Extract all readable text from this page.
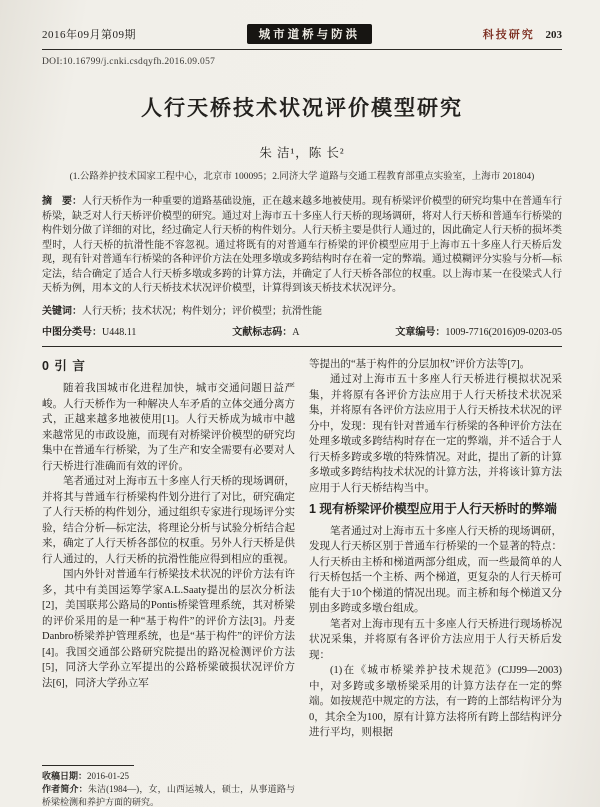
2016年09月第09期	城市道桥与防洪	科技研究 203
DOI:10.16799/j.cnki.csdqyfh.2016.09.057
人行天桥技术状况评价模型研究
朱 洁¹，陈 长²
(1.公路养护技术国家工程中心，北京市 100095；2.同济大学 道路与交通工程教育部重点实验室，上海市 201804)

摘　要：人行天桥作为一种重要的道路基础设施，正在越来越多地被使用。现有桥梁评价模型的研究均集中在普通车行桥梁，缺乏对人行天桥评价模型的研究。通过对上海市五十多座人行天桥的现场调研，将对人行天桥和普通车行桥梁的构件划分做了详细的对比，经过确定人行天桥的构件划分。人行天桥主要是供行人通过的，因此确定人行天桥的损坏类型时，人行天桥的抗滑性能不容忽视。通过将既有的对普通车行桥梁的评价模型应用于上海市五十多座人行天桥后发现，现有针对普通车行桥梁的各种评价方法在处理多墩或多跨结构时存在着一定的弊端。通过模糊评分实验与分析—标定法，结合确定了适合人行天桥多墩或多跨的计算方法，并确定了人行天桥各部位的权重。以上海市某一在役梁式人行天桥为例，用本文的人行天桥技术状况评价模型，计算得到该天桥技术状况评分。

关键词：人行天桥；技术状况；构件划分；评价模型；抗滑性能

中图分类号：U448.11	文献标志码：A	文章编号：1009-7716(2016)09-0203-05
0 引 言

随着我国城市化进程加快，城市交通问题日益严峻。人行天桥作为一种解决人车矛盾的立体交通分离方式，正越来越多地被使用[1]。人行天桥成为城市中越来越常见的市政设施，而现有对桥梁评价模型的研究均集中在普通车行桥梁，为了生产和安全需要有必要对人行天桥进行准确而有效的评价。

笔者通过对上海市五十多座人行天桥的现场调研，并将其与普通车行桥梁构件划分进行了对比，研究确定了人行天桥的构件划分，通过组织专家进行现场评分实验，结合分析—标定法，将理论分析与试验分析结合起来，确定了人行天桥各部位的权重。另外人行天桥是供行人通过的，人行天桥的抗滑性能应得到相应的重视。

国内外针对普通车行桥梁技术状况的评价方法有许多，其中有美国运筹学家A.L.Saaty提出的层次分析法[2]，美国联邦公路局的Pontis桥梁管理系统，其对桥梁的评价采用的是一种“基于构件”的评价方法[3]。丹麦Danbro桥梁养护管理系统，也是“基于构件”的评价方法[4]。我国交通部公路研究院提出的路况检测评价方法[5]，同济大学孙立军提出的公路桥梁破损状况评价方法[6]，同济大学孙立军

收稿日期：2016-01-25

作者简介：朱洁(1984—)，女，山西运城人，硕士，从事道路与桥梁检测和养护方面的研究。

等提出的“基于构件的分层加权”评价方法等[7]。

通过对上海市五十多座人行天桥进行模拟状况采集，并将原有各评价方法应用于人行天桥技术状况采集，并将原有各评价方法应用于人行天桥技术状况的评分中，发现：现有针对普通车行桥梁的各种评价方法在处理多墩或多跨结构时存在一定的弊端，并不适合于人行天桥多跨或多墩的特殊情况。对此，提出了新的计算多墩或多跨结构技术状况的计算方法，并将该计算方法应用于人行天桥结构当中。

1 现有桥梁评价模型应用于人行天桥时的弊端

笔者通过对上海市五十多座人行天桥的现场调研，发现人行天桥区别于普通车行桥梁的一个显著的特点：人行天桥由主桥和梯道两部分组成，而一些最简单的人行天桥包括一个主桥、两个梯道，更复杂的人行天桥可能有大于10个梯道的情况出现。而主桥和每个梯道又分别由多跨或多墩台组成。

笔者对上海市现有五十多座人行天桥进行现场桥况状况采集，并将原有各评价方法应用于人行天桥后发现：

(1)在《城市桥梁养护技术规范》(CJJ99—2003)中，对多跨或多墩桥梁采用的计算方法存在一定的弊端。如按规范中规定的方法，有一跨的上部结构评分为0，其余全为100，原有计算方法将所有跨上部结构评分进行平均，则根据
